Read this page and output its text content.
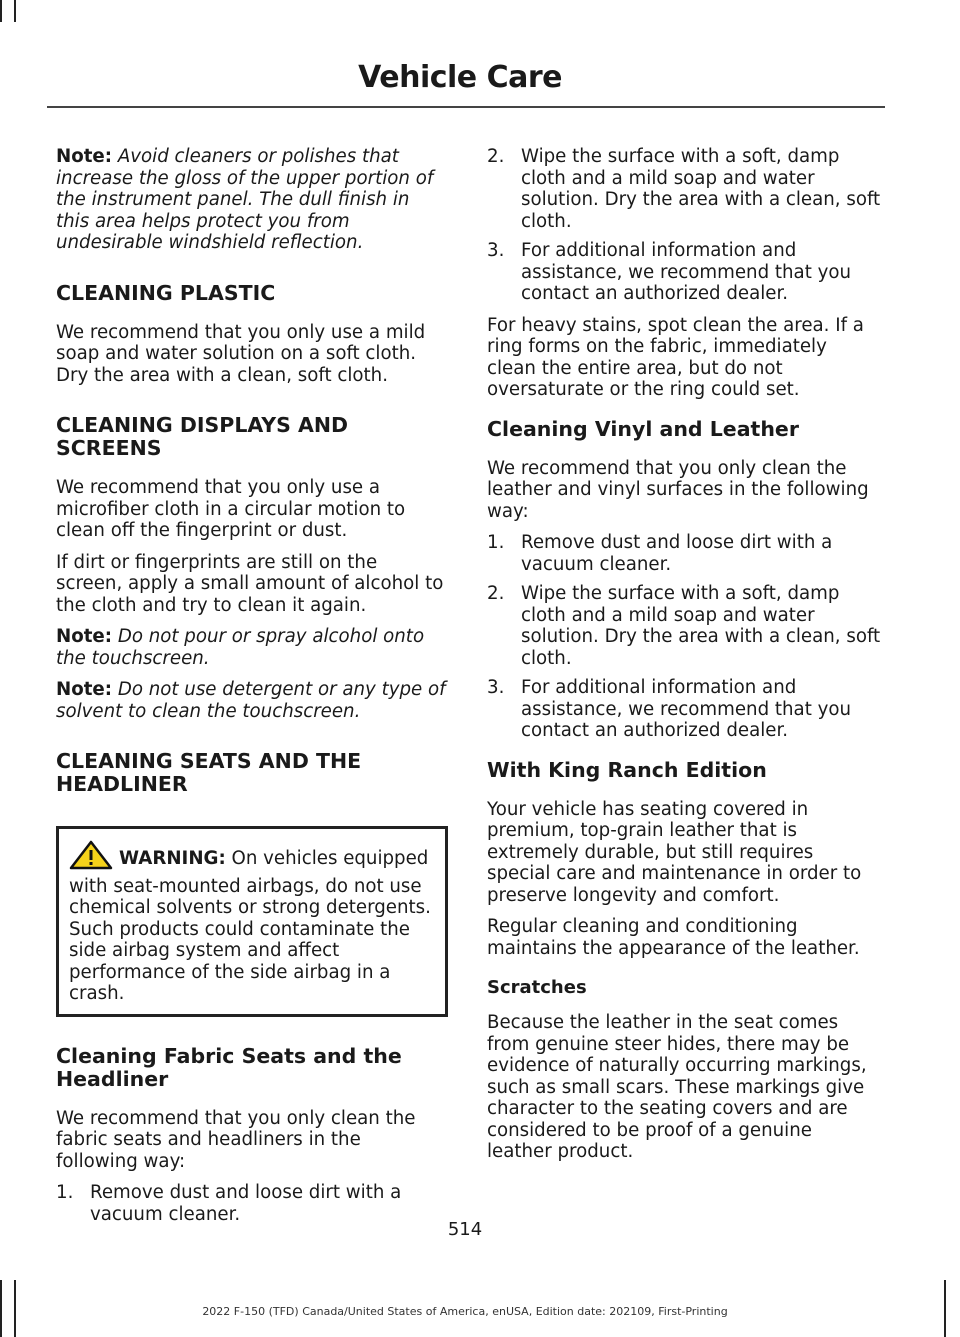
Vehicle Care

Note: Avoid cleaners or polishes that increase the gloss of the upper portion of the instrument panel. The dull finish in this area helps protect you from undesirable windshield reflection.

CLEANING PLASTIC

We recommend that you only use a mild soap and water solution on a soft cloth. Dry the area with a clean, soft cloth.

CLEANING DISPLAYS AND SCREENS

We recommend that you only use a microfiber cloth in a circular motion to clean off the fingerprint or dust.

If dirt or fingerprints are still on the screen, apply a small amount of alcohol to the cloth and try to clean it again.

Note: Do not pour or spray alcohol onto the touchscreen.

Note: Do not use detergent or any type of solvent to clean the touchscreen.

CLEANING SEATS AND THE HEADLINER

WARNING: On vehicles equipped with seat-mounted airbags, do not use chemical solvents or strong detergents. Such products could contaminate the side airbag system and affect performance of the side airbag in a crash.

Cleaning Fabric Seats and the Headliner

We recommend that you only clean the fabric seats and headliners in the following way:

1. Remove dust and loose dirt with a vacuum cleaner.
2. Wipe the surface with a soft, damp cloth and a mild soap and water solution. Dry the area with a clean, soft cloth.
3. For additional information and assistance, we recommend that you contact an authorized dealer.

For heavy stains, spot clean the area. If a ring forms on the fabric, immediately clean the entire area, but do not oversaturate or the ring could set.

Cleaning Vinyl and Leather

We recommend that you only clean the leather and vinyl surfaces in the following way:

1. Remove dust and loose dirt with a vacuum cleaner.
2. Wipe the surface with a soft, damp cloth and a mild soap and water solution. Dry the area with a clean, soft cloth.
3. For additional information and assistance, we recommend that you contact an authorized dealer.
With King Ranch Edition

Your vehicle has seating covered in premium, top-grain leather that is extremely durable, but still requires special care and maintenance in order to preserve longevity and comfort.

Regular cleaning and conditioning maintains the appearance of the leather.

Scratches

Because the leather in the seat comes from genuine steer hides, there may be evidence of naturally occurring markings, such as small scars. These markings give character to the seating covers and are considered to be proof of a genuine leather product.

514
2022 F-150 (TFD) Canada/United States of America, enUSA, Edition date: 202109, First-Printing
